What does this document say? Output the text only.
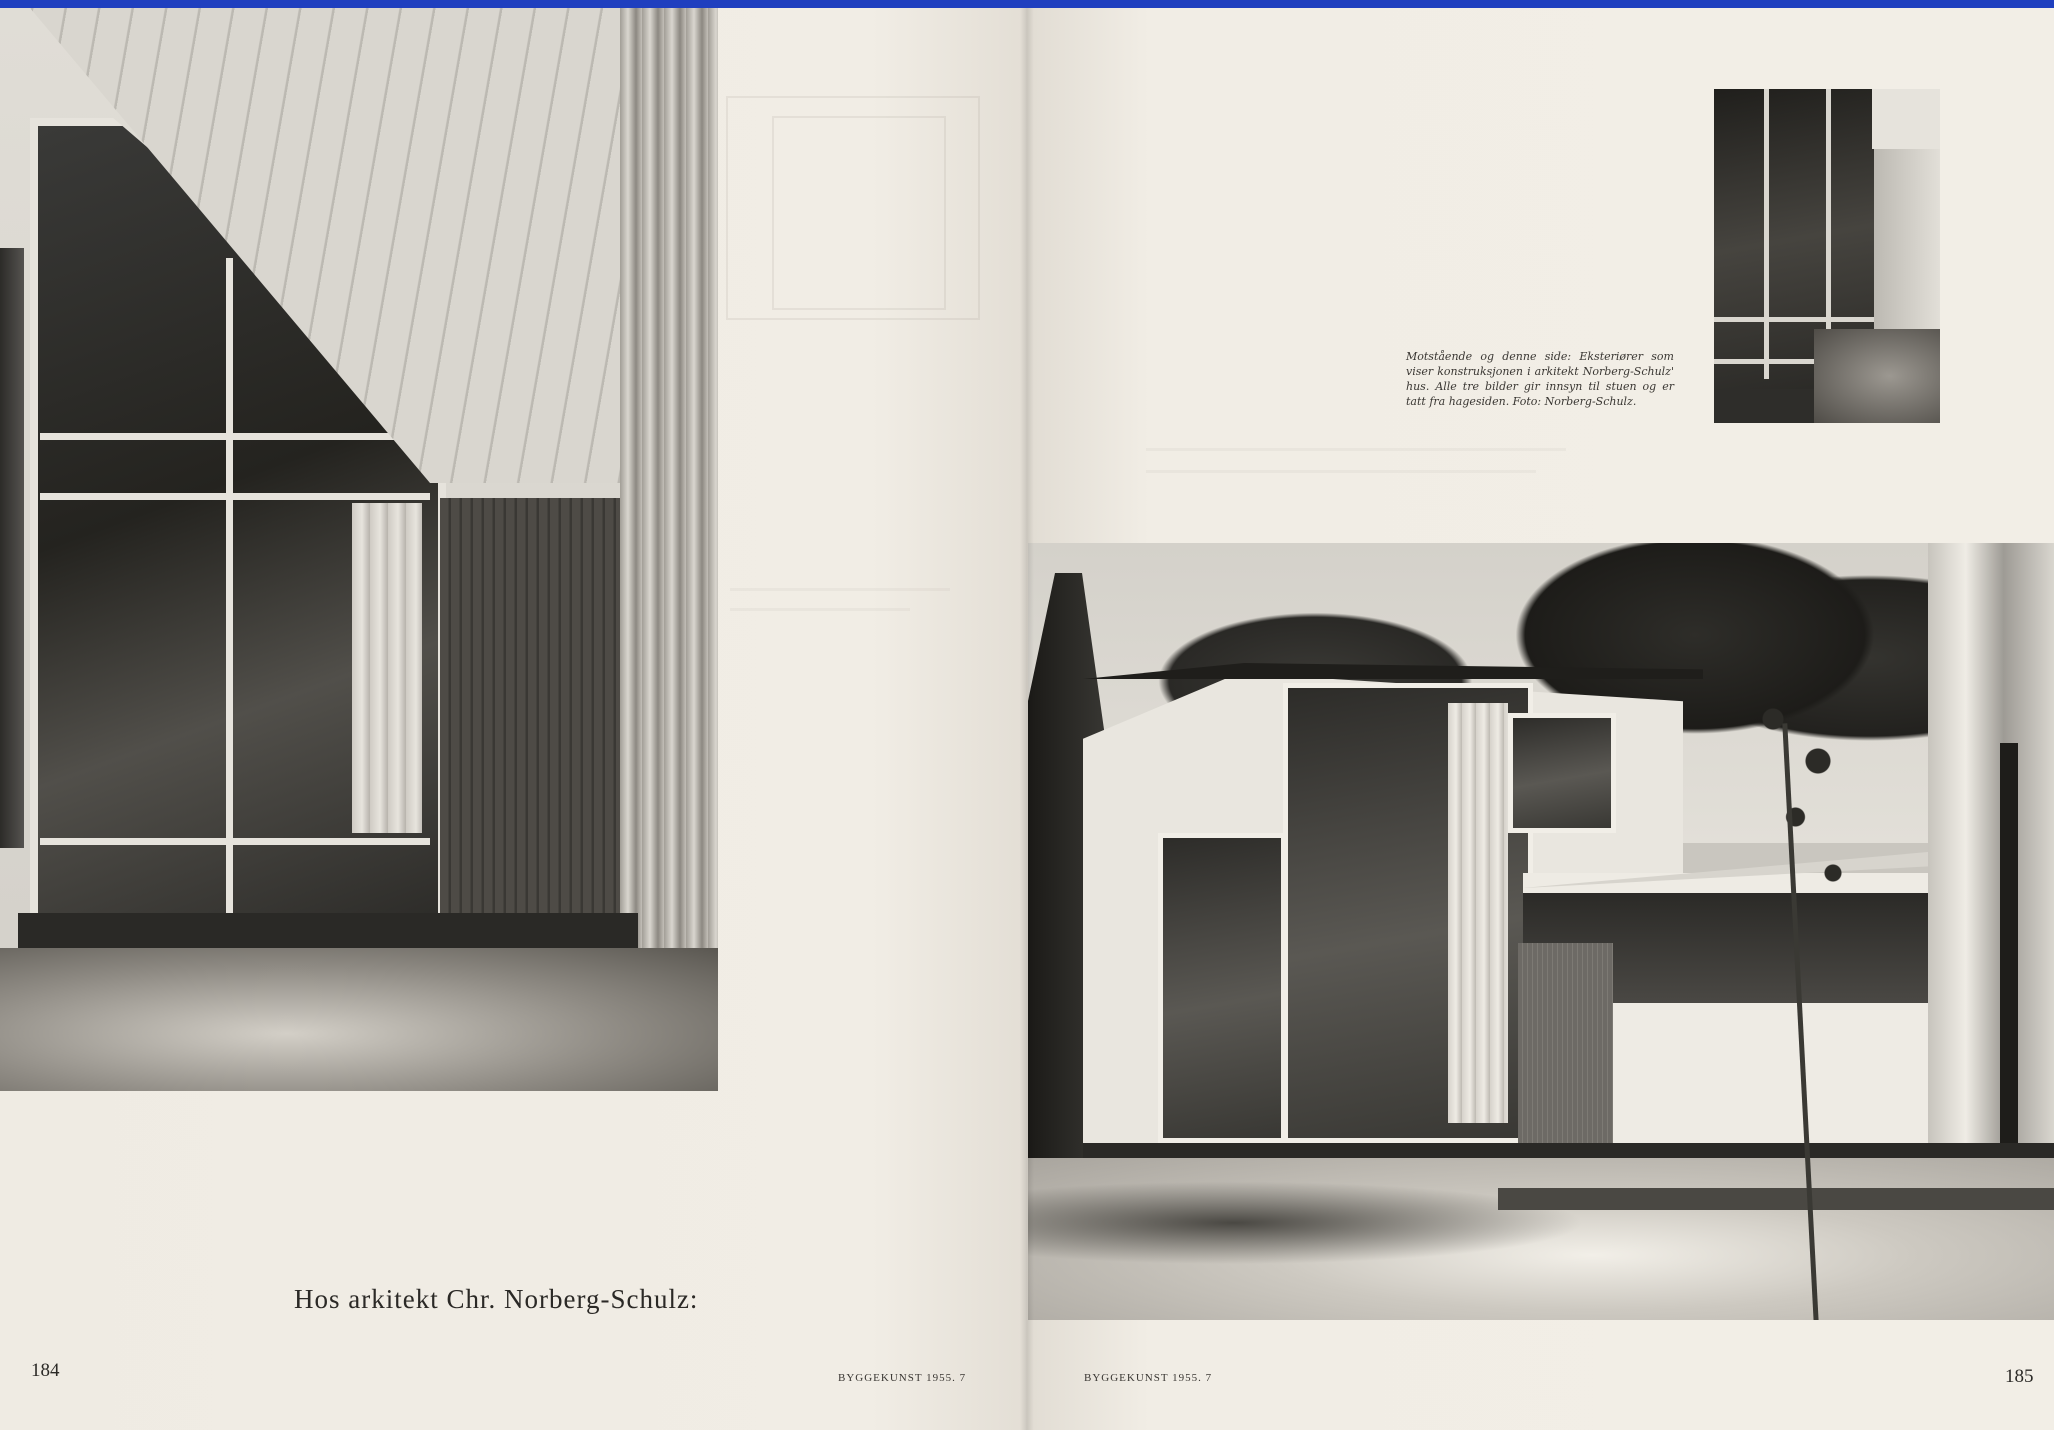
Hos arkitekt Chr. Norberg-Schulz:
184	BYGGEKUNST 1955. 7
Motstående og denne side: Eksteriører som viser konstruksjonen i arkitekt Norberg-Schulz' hus. Alle tre bilder gir innsyn til stuen og er tatt fra hagesiden. Foto: Norberg-Schulz.
185
BYGGEKUNST 1955. 7
